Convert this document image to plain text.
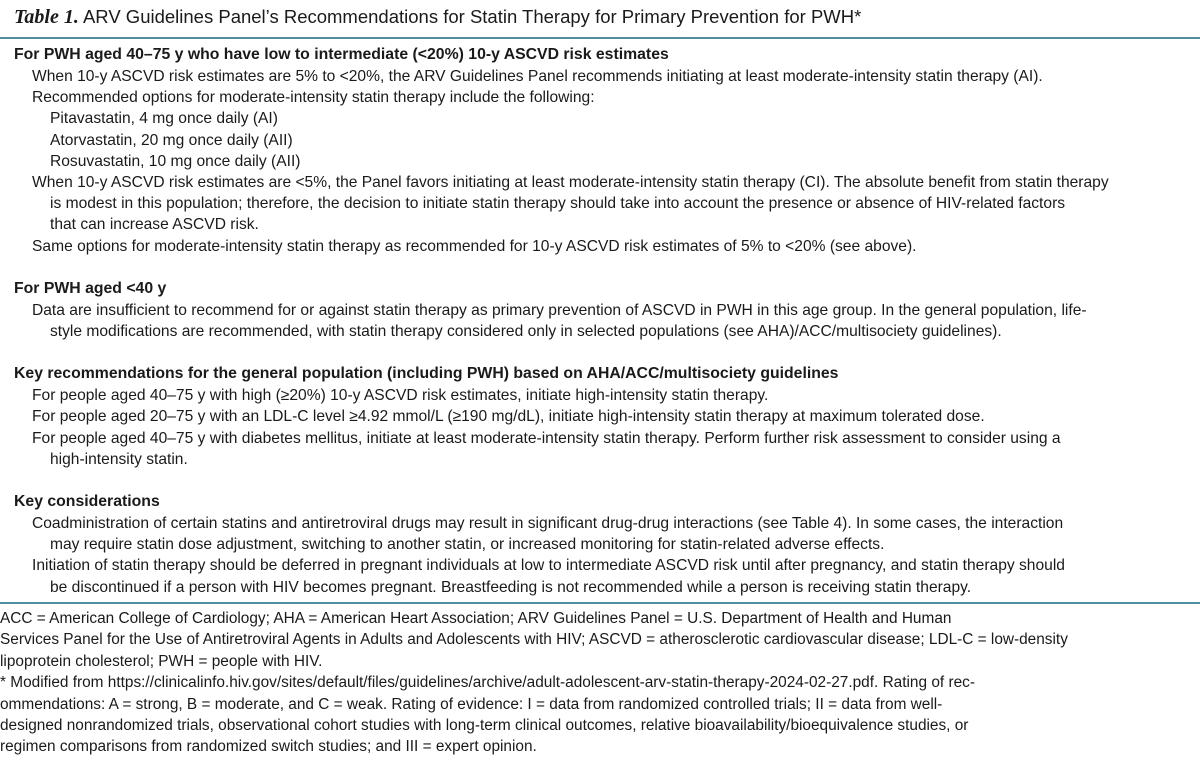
Table 1. ARV Guidelines Panel’s Recommendations for Statin Therapy for Primary Prevention for PWH*
For PWH aged 40–75 y who have low to intermediate (<20%) 10-y ASCVD risk estimates

When 10-y ASCVD risk estimates are 5% to <20%, the ARV Guidelines Panel recommends initiating at least moderate-intensity statin therapy (AI).

Recommended options for moderate-intensity statin therapy include the following:

Pitavastatin, 4 mg once daily (AI)

Atorvastatin, 20 mg once daily (AII)

Rosuvastatin, 10 mg once daily (AII)

When 10-y ASCVD risk estimates are <5%, the Panel favors initiating at least moderate-intensity statin therapy (CI). The absolute benefit from statin therapy

is modest in this population; therefore, the decision to initiate statin therapy should take into account the presence or absence of HIV-related factors

that can increase ASCVD risk.

Same options for moderate-intensity statin therapy as recommended for 10-y ASCVD risk estimates of 5% to <20% (see above).

For PWH aged <40 y

Data are insufficient to recommend for or against statin therapy as primary prevention of ASCVD in PWH in this age group. In the general population, life-

style modifications are recommended, with statin therapy considered only in selected populations (see AHA)/ACC/multisociety guidelines).

Key recommendations for the general population (including PWH) based on AHA/ACC/multisociety guidelines

For people aged 40–75 y with high (≥20%) 10-y ASCVD risk estimates, initiate high-intensity statin therapy.

For people aged 20–75 y with an LDL-C level ≥4.92 mmol/L (≥190 mg/dL), initiate high-intensity statin therapy at maximum tolerated dose.

For people aged 40–75 y with diabetes mellitus, initiate at least moderate-intensity statin therapy. Perform further risk assessment to consider using a

high-intensity statin.

Key considerations

Coadministration of certain statins and antiretroviral drugs may result in significant drug-drug interactions (see Table 4). In some cases, the interaction

may require statin dose adjustment, switching to another statin, or increased monitoring for statin-related adverse effects.

Initiation of statin therapy should be deferred in pregnant individuals at low to intermediate ASCVD risk until after pregnancy, and statin therapy should

be discontinued if a person with HIV becomes pregnant. Breastfeeding is not recommended while a person is receiving statin therapy.

ACC = American College of Cardiology; AHA = American Heart Association; ARV Guidelines Panel = U.S. Department of Health and Human

Services Panel for the Use of Antiretroviral Agents in Adults and Adolescents with HIV; ASCVD = atherosclerotic cardiovascular disease; LDL-C = low-density

lipoprotein cholesterol; PWH = people with HIV.

* Modified from https://clinicalinfo.hiv.gov/sites/default/files/guidelines/archive/adult-adolescent-arv-statin-therapy-2024-02-27.pdf. Rating of rec-

ommendations: A = strong, B = moderate, and C = weak. Rating of evidence: I = data from randomized controlled trials; II = data from well-

designed nonrandomized trials, observational cohort studies with long-term clinical outcomes, relative bioavailability/bioequivalence studies, or

regimen comparisons from randomized switch studies; and III = expert opinion.
